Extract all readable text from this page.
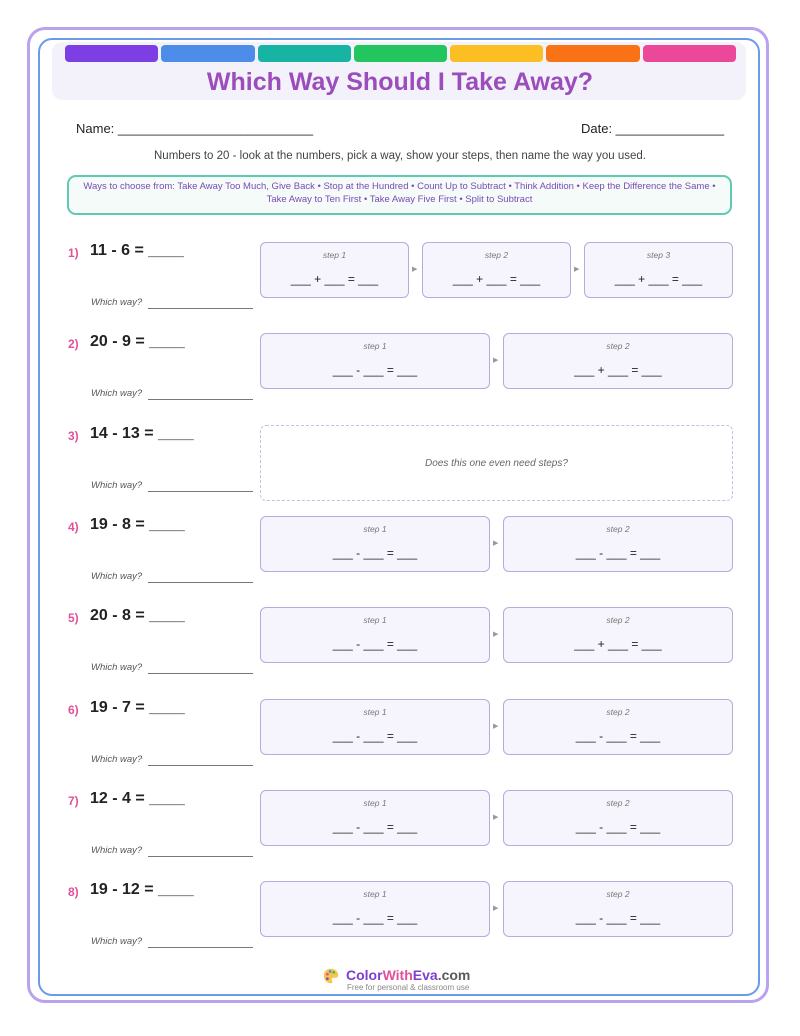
Which Way Should I Take Away?
Name: ___________________________	Date: _______________
Numbers to 20 - look at the numbers, pick a way, show your steps, then name the way you used.
Ways to choose from: Take Away Too Much, Give Back • Stop at the Hundred • Count Up to Subtract • Think Addition • Keep the Difference the Same • Take Away to Ten First • Take Away Five First • Split to Subtract
1) 11 - 6 = ____
Which way?
step 1
___ + ___ = ___
▶
step 2
___ + ___ = ___
▶
step 3
___ + ___ = ___
2) 20 - 9 = ____
Which way?
step 1
___ - ___ = ___
▶
step 2
___ + ___ = ___
3) 14 - 13 = ____
Which way?
Does this one even need steps?
4) 19 - 8 = ____
Which way?
step 1
___ - ___ = ___
▶
step 2
___ - ___ = ___
5) 20 - 8 = ____
Which way?
step 1
___ - ___ = ___
▶
step 2
___ + ___ = ___
6) 19 - 7 = ____
Which way?
step 1
___ - ___ = ___
▶
step 2
___ - ___ = ___
7) 12 - 4 = ____
Which way?
step 1
___ - ___ = ___
▶
step 2
___ - ___ = ___
8) 19 - 12 = ____
Which way?
step 1
___ - ___ = ___
▶
step 2
___ - ___ = ___
ColorWithEva.com
Free for personal & classroom use
